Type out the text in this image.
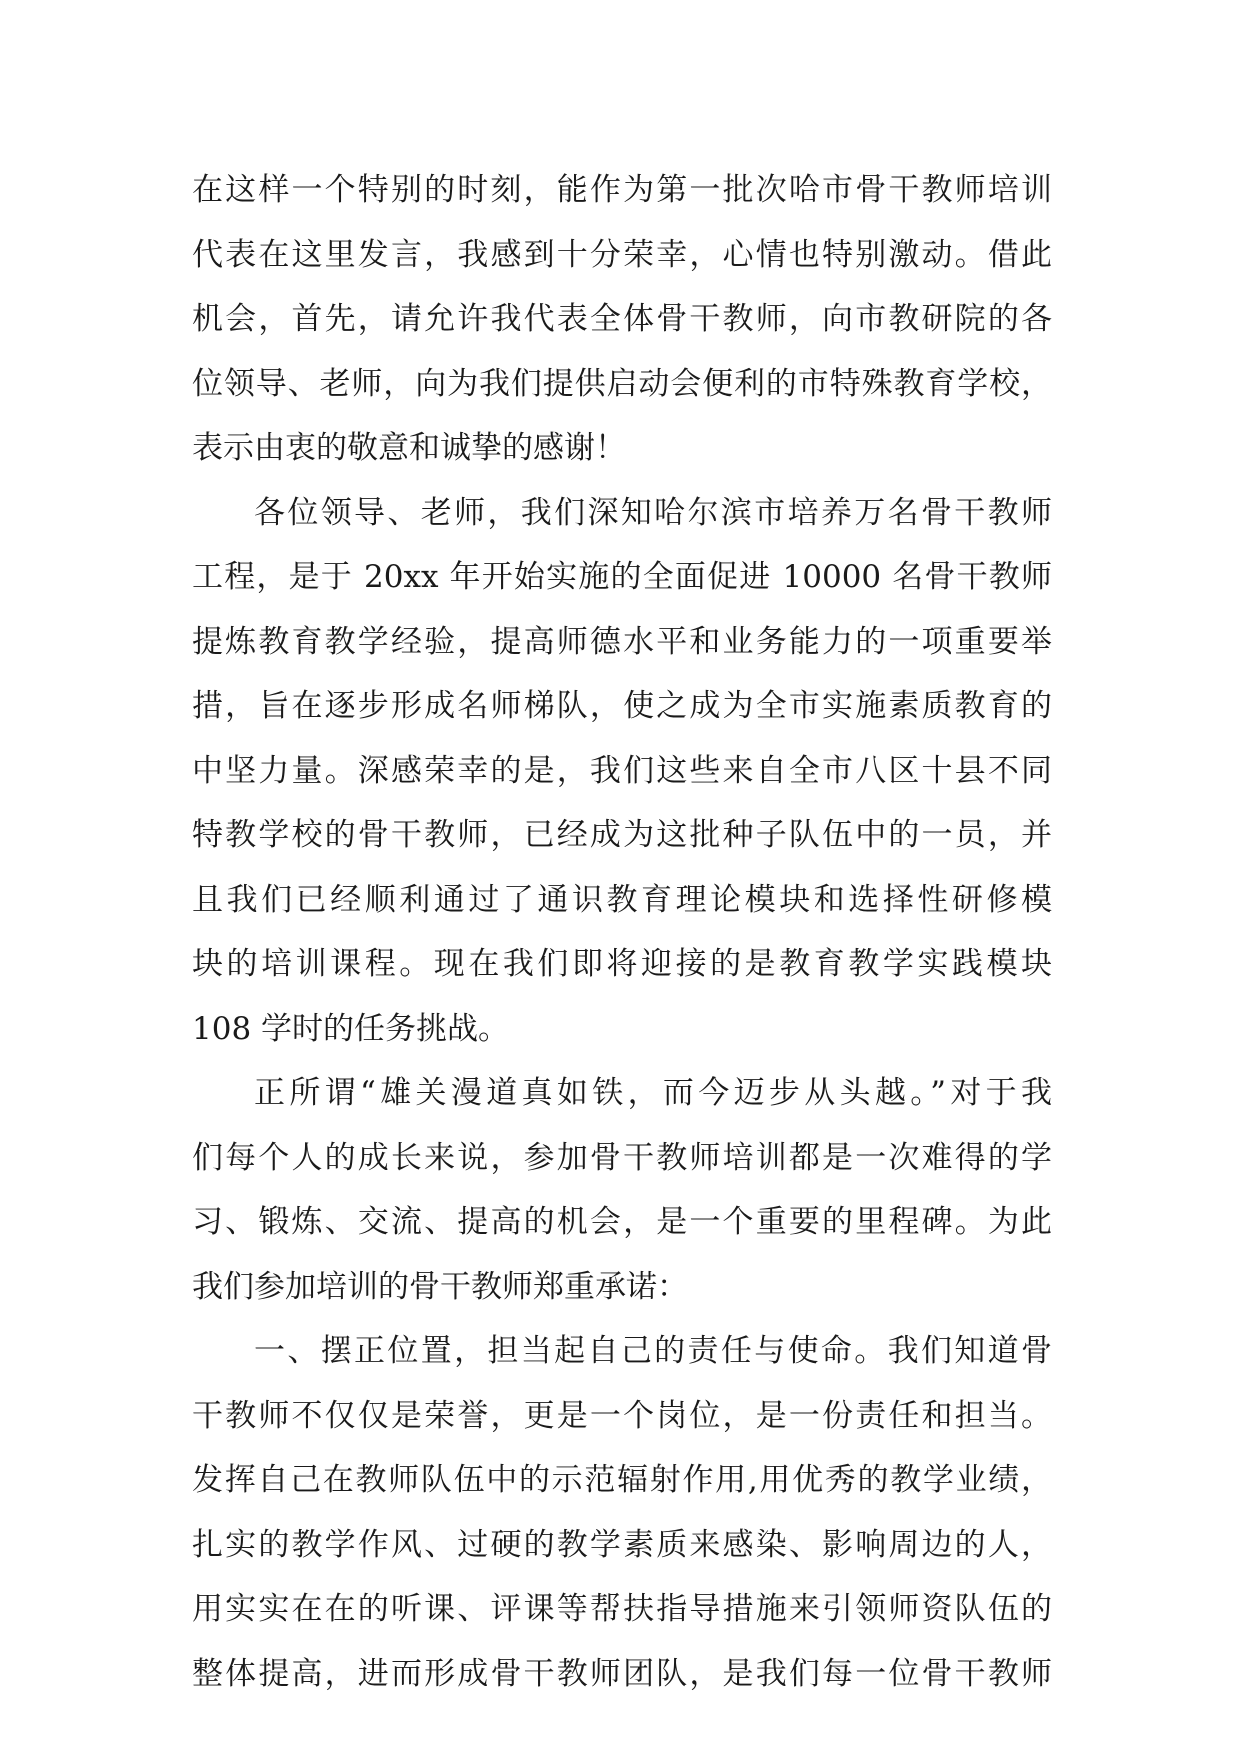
在这样一个特别的时刻，能作为第一批次哈市骨干教师培训
代表在这里发言，我感到十分荣幸，心情也特别激动。借此
机会，首先，请允许我代表全体骨干教师，向市教研院的各
位领导、老师，向为我们提供启动会便利的市特殊教育学校，
表示由衷的敬意和诚挚的感谢！
各位领导、老师，我们深知哈尔滨市培养万名骨干教师
工程，是于 20xx 年开始实施的全面促进 10000 名骨干教师
提炼教育教学经验，提高师德水平和业务能力的一项重要举
措，旨在逐步形成名师梯队，使之成为全市实施素质教育的
中坚力量。深感荣幸的是，我们这些来自全市八区十县不同
特教学校的骨干教师，已经成为这批种子队伍中的一员，并
且我们已经顺利通过了通识教育理论模块和选择性研修模
块的培训课程。现在我们即将迎接的是教育教学实践模块
108 学时的任务挑战。
正所谓“雄关漫道真如铁，而今迈步从头越。”对于我
们每个人的成长来说，参加骨干教师培训都是一次难得的学
习、锻炼、交流、提高的机会，是一个重要的里程碑。为此
我们参加培训的骨干教师郑重承诺：
一、摆正位置，担当起自己的责任与使命。我们知道骨
干教师不仅仅是荣誉，更是一个岗位，是一份责任和担当。
发挥自己在教师队伍中的示范辐射作用,用优秀的教学业绩，
扎实的教学作风、过硬的教学素质来感染、影响周边的人，
用实实在在的听课、评课等帮扶指导措施来引领师资队伍的
整体提高，进而形成骨干教师团队，是我们每一位骨干教师
